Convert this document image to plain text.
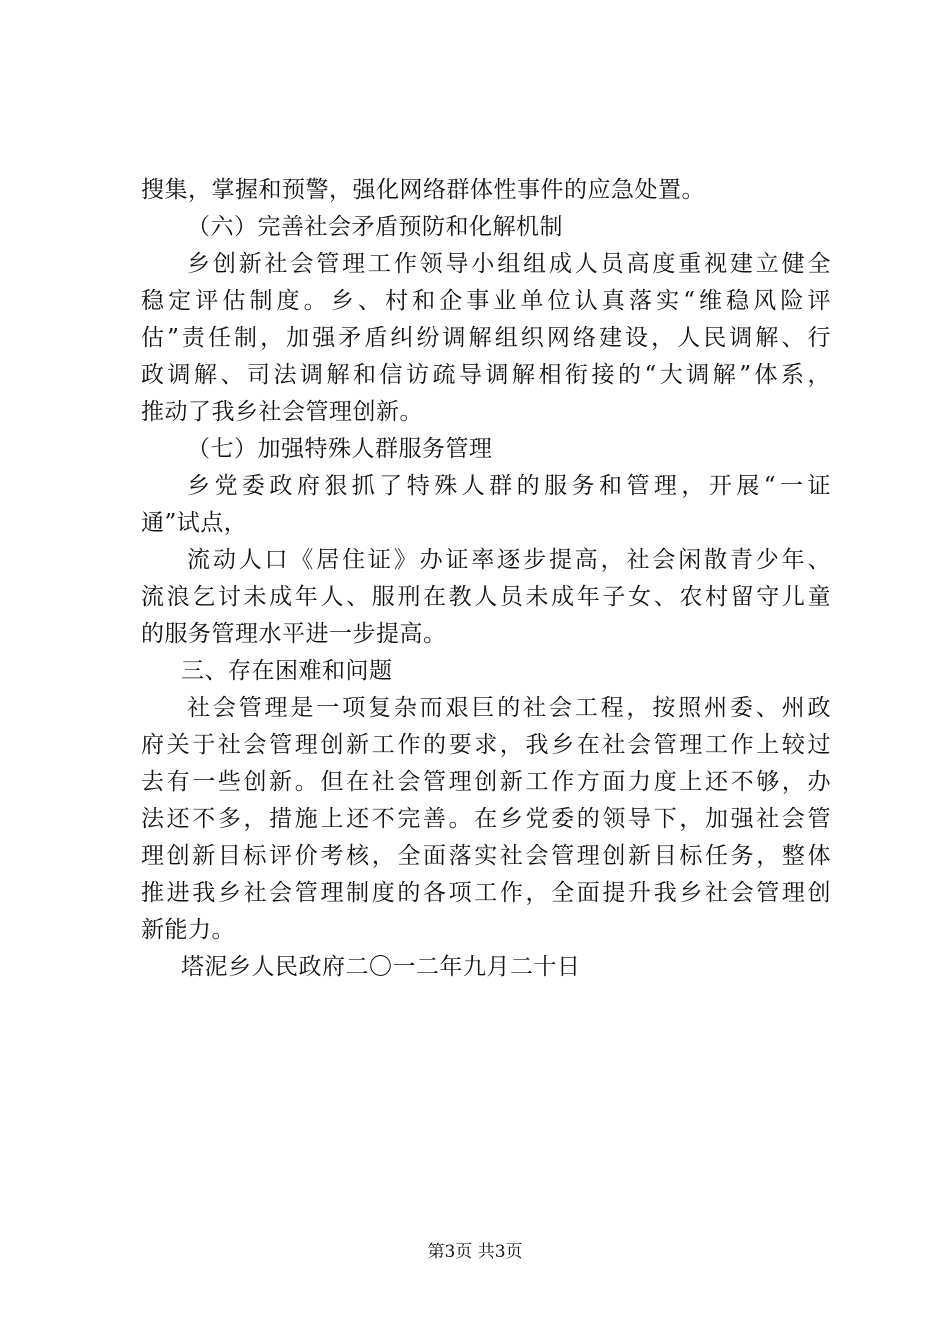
搜集，掌握和预警，强化网络群体性事件的应急处置。
（六）完善社会矛盾预防和化解机制
乡创新社会管理工作领导小组组成人员高度重视建立健全
稳定评估制度。乡、村和企事业单位认真落实“维稳风险评
估”责任制，加强矛盾纠纷调解组织网络建设，人民调解、行
政调解、司法调解和信访疏导调解相衔接的“大调解”体系，
推动了我乡社会管理创新。
（七）加强特殊人群服务管理
乡党委政府狠抓了特殊人群的服务和管理，开展“一证
通”试点，
流动人口《居住证》办证率逐步提高，社会闲散青少年、
流浪乞讨未成年人、服刑在教人员未成年子女、农村留守儿童
的服务管理水平进一步提高。
三、存在困难和问题
社会管理是一项复杂而艰巨的社会工程，按照州委、州政
府关于社会管理创新工作的要求，我乡在社会管理工作上较过
去有一些创新。但在社会管理创新工作方面力度上还不够，办
法还不多，措施上还不完善。在乡党委的领导下，加强社会管
理创新目标评价考核，全面落实社会管理创新目标任务，整体
推进我乡社会管理制度的各项工作，全面提升我乡社会管理创
新能力。
塔泥乡人民政府二〇一二年九月二十日
第3页 共3页
